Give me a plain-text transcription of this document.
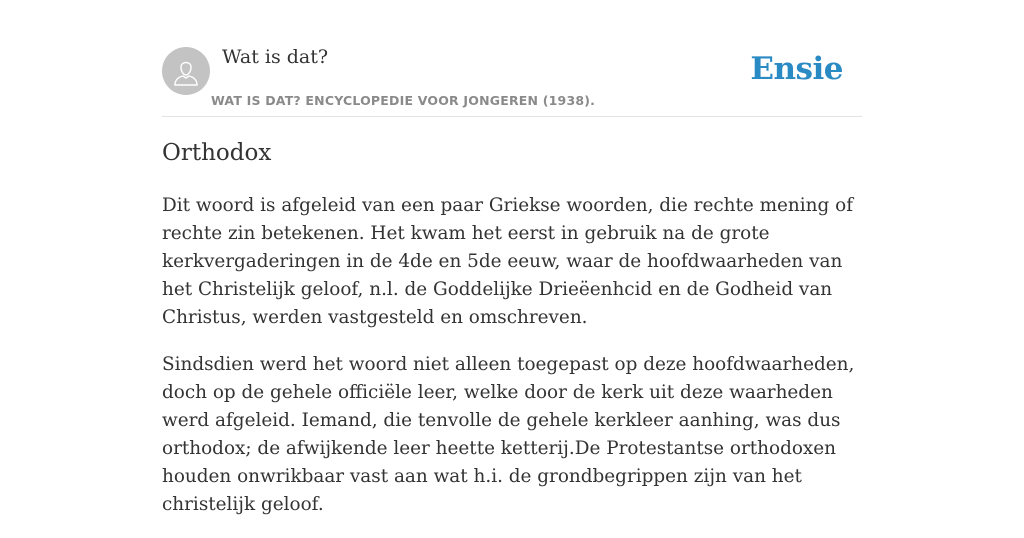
Wat is dat?
WAT IS DAT? ENCYCLOPEDIE VOOR JONGEREN (1938).
Ensie
Orthodox

Dit woord is afgeleid van een paar Griekse woorden, die rechte mening of rechte zin betekenen. Het kwam het eerst in gebruik na de grote kerkvergaderingen in de 4de en 5de eeuw, waar de hoofdwaarheden van het Christelijk geloof, n.l. de Goddelijke Drieëenhcid en de Godheid van Christus, werden vastgesteld en omschreven.

Sindsdien werd het woord niet alleen toegepast op deze hoofdwaarheden, doch op de gehele officiële leer, welke door de kerk uit deze waarheden werd afgeleid. Iemand, die tenvolle de gehele kerkleer aanhing, was dus orthodox; de afwijkende leer heette ketterij.De Protestantse orthodoxen houden onwrikbaar vast aan wat h.i. de grondbegrippen zijn van het christelijk geloof.
